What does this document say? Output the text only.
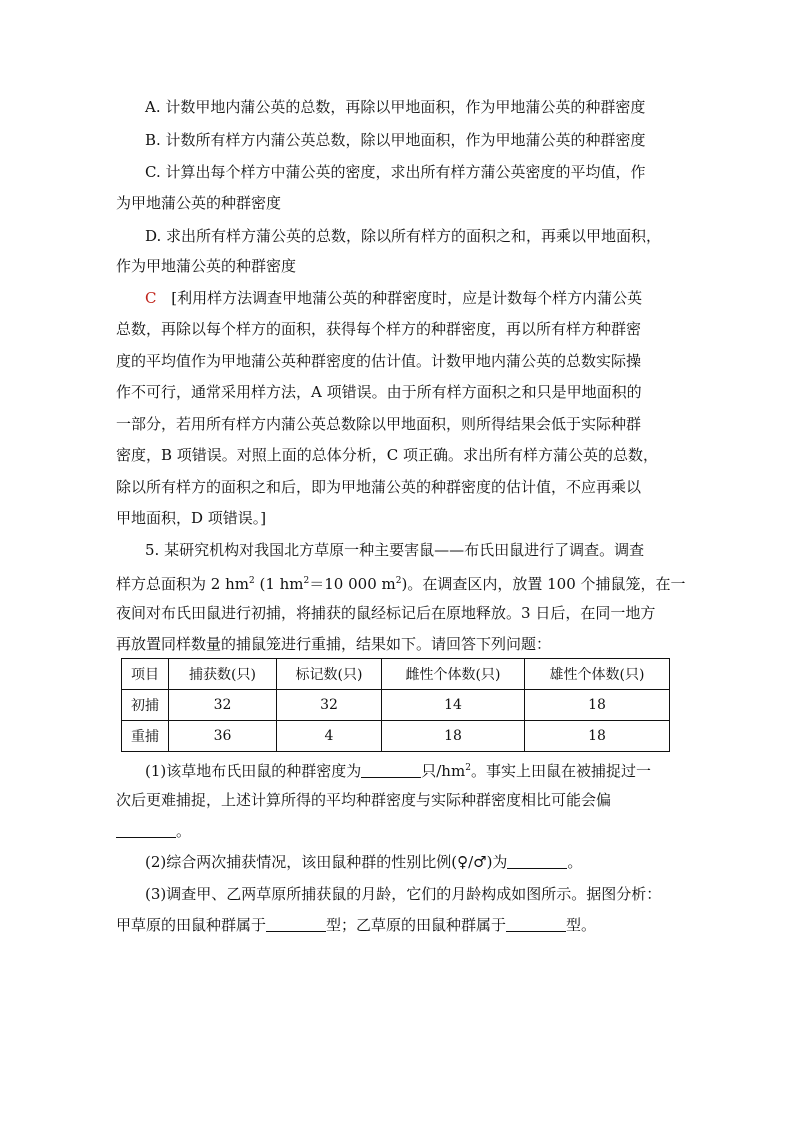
A. 计数甲地内蒲公英的总数，再除以甲地面积，作为甲地蒲公英的种群密度
B. 计数所有样方内蒲公英总数，除以甲地面积，作为甲地蒲公英的种群密度
C. 计算出每个样方中蒲公英的密度，求出所有样方蒲公英密度的平均值，作
为甲地蒲公英的种群密度
D. 求出所有样方蒲公英的总数，除以所有样方的面积之和，再乘以甲地面积，
作为甲地蒲公英的种群密度
C [利用样方法调查甲地蒲公英的种群密度时，应是计数每个样方内蒲公英
总数，再除以每个样方的面积，获得每个样方的种群密度，再以所有样方种群密
度的平均值作为甲地蒲公英种群密度的估计值。计数甲地内蒲公英的总数实际操
作不可行，通常采用样方法，A 项错误。由于所有样方面积之和只是甲地面积的
一部分，若用所有样方内蒲公英总数除以甲地面积，则所得结果会低于实际种群
密度，B 项错误。对照上面的总体分析，C 项正确。求出所有样方蒲公英的总数，
除以所有样方的面积之和后，即为甲地蒲公英的种群密度的估计值，不应再乘以
甲地面积，D 项错误。]
5. 某研究机构对我国北方草原一种主要害鼠——布氏田鼠进行了调查。调查
样方总面积为 2 $hm^2$ (1 $hm^2=10$ 000 $m^2$)。在调查区内，放置 100 个捕鼠笼，在一
夜间对布氏田鼠进行初捕，将捕获的鼠经标记后在原地释放。3 日后，在同一地方
再放置同样数量的捕鼠笼进行重捕，结果如下。请回答下列问题：
项目	捕获数(只)	标记数(只)	雌性个体数(只)	雄性个体数(只)
初捕	32	32	14	18
重捕	36	4	18	18
(1)该草地布氏田鼠的种群密度为	只$/hm^2$。事实上田鼠在被捕捉过一
次后更难捕捉，上述计算所得的平均种群密度与实际种群密度相比可能会偏
。
(2)综合两次捕获情况，该田鼠种群的性别比例(♀/♂)为	。
(3)调查甲、乙两草原所捕获鼠的月龄，它们的月龄构成如图所示。据图分析：
甲草原的田鼠种群属于	型；乙草原的田鼠种群属于	型。
